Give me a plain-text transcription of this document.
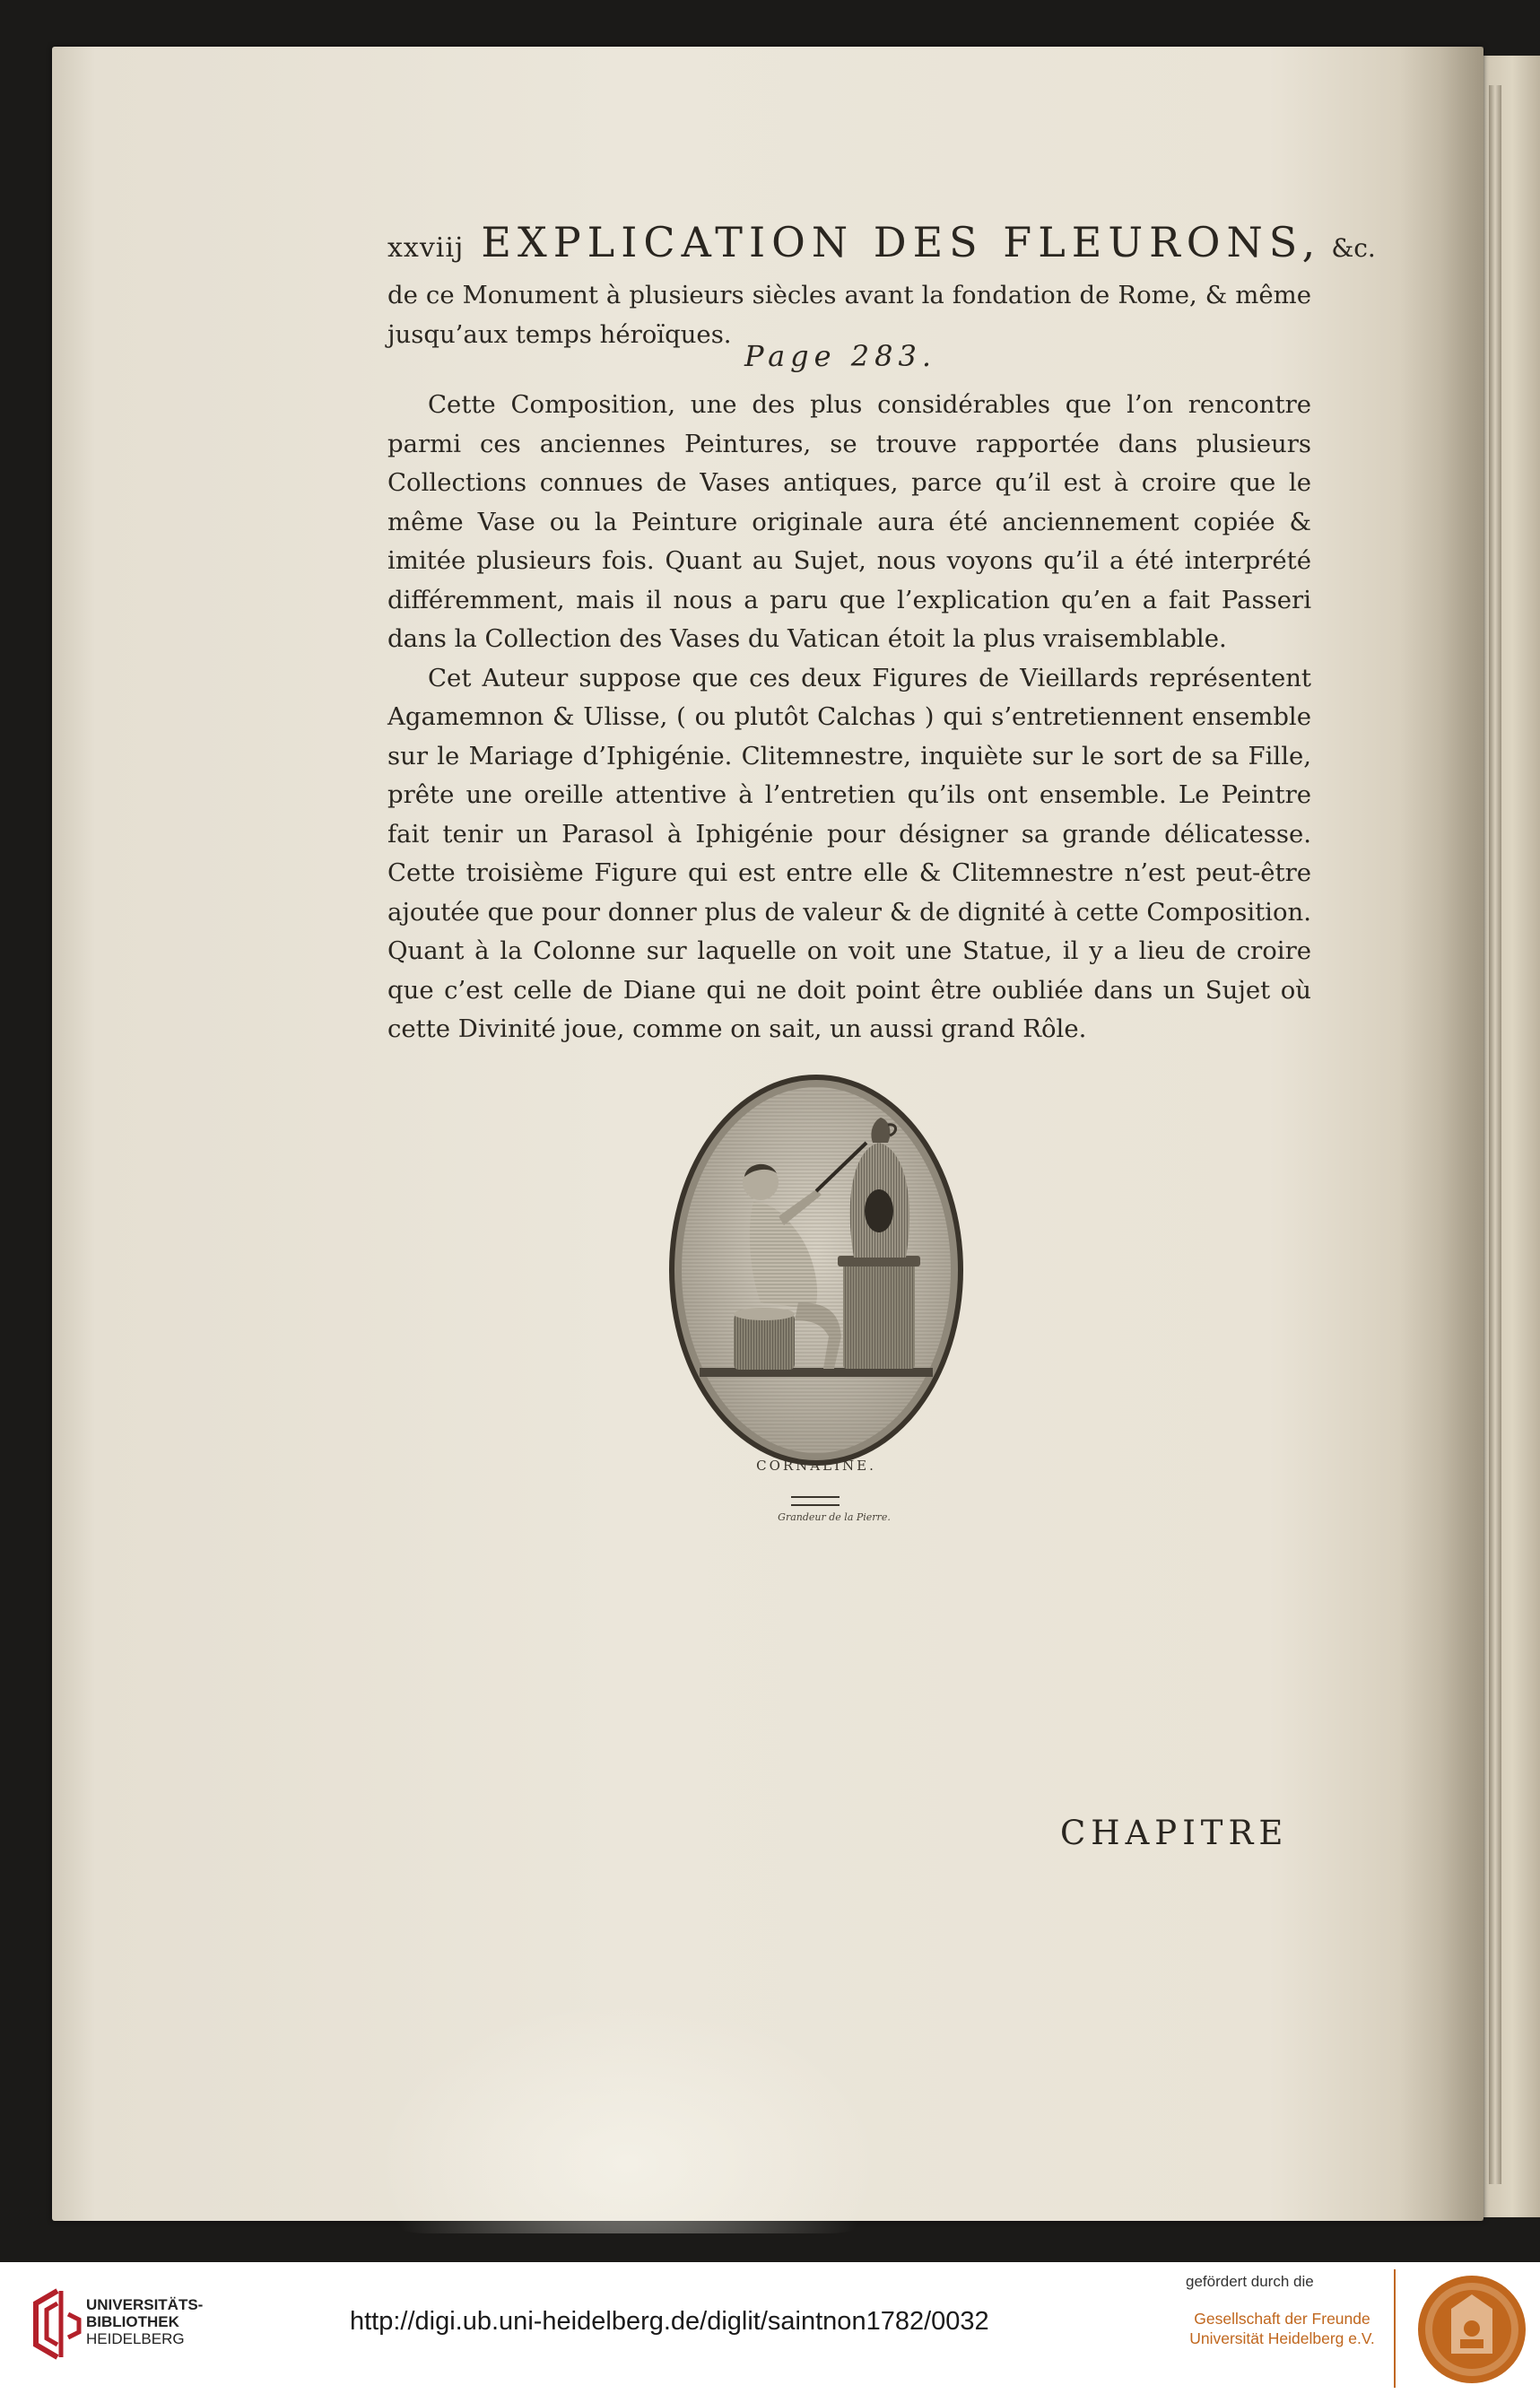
xxviij EXPLICATION DES FLEURONS, &c.

de ce Monument à plusieurs siècles avant la fondation de Rome, & même jusqu’aux temps héroïques.

Page 283.

Cette Composition, une des plus considérables que l’on rencontre parmi ces anciennes Peintures, se trouve rapportée dans plusieurs Collections connues de Vases antiques, parce qu’il est à croire que le même Vase ou la Peinture originale aura été anciennement copiée & imitée plusieurs fois. Quant au Sujet, nous voyons qu’il a été interprété différemment, mais il nous a paru que l’explication qu’en a fait Passeri dans la Collection des Vases du Vatican étoit la plus vraisemblable.

Cet Auteur suppose que ces deux Figures de Vieillards représentent Agamemnon & Ulisse, ( ou plutôt Calchas ) qui s’entretiennent ensemble sur le Mariage d’Iphigénie. Clitemnestre, inquiète sur le sort de sa Fille, prête une oreille attentive à l’entretien qu’ils ont ensemble. Le Peintre fait tenir un Parasol à Iphigénie pour désigner sa grande délicatesse. Cette troisième Figure qui est entre elle & Clitemnestre n’est peut-être ajoutée que pour donner plus de valeur & de dignité à cette Composition. Quant à la Colonne sur laquelle on voit une Statue, il y a lieu de croire que c’est celle de Diane qui ne doit point être oubliée dans un Sujet où cette Divinité joue, comme on sait, un aussi grand Rôle.

CORNALINE.
Grandeur de la Pierre.
CHAPITRE
UNIVERSITÄTS-
BIBLIOTHEK
HEIDELBERG
http://digi.ub.uni-heidelberg.de/diglit/saintnon1782/0032
gefördert durch die
Gesellschaft der Freunde
Universität Heidelberg e.V.
